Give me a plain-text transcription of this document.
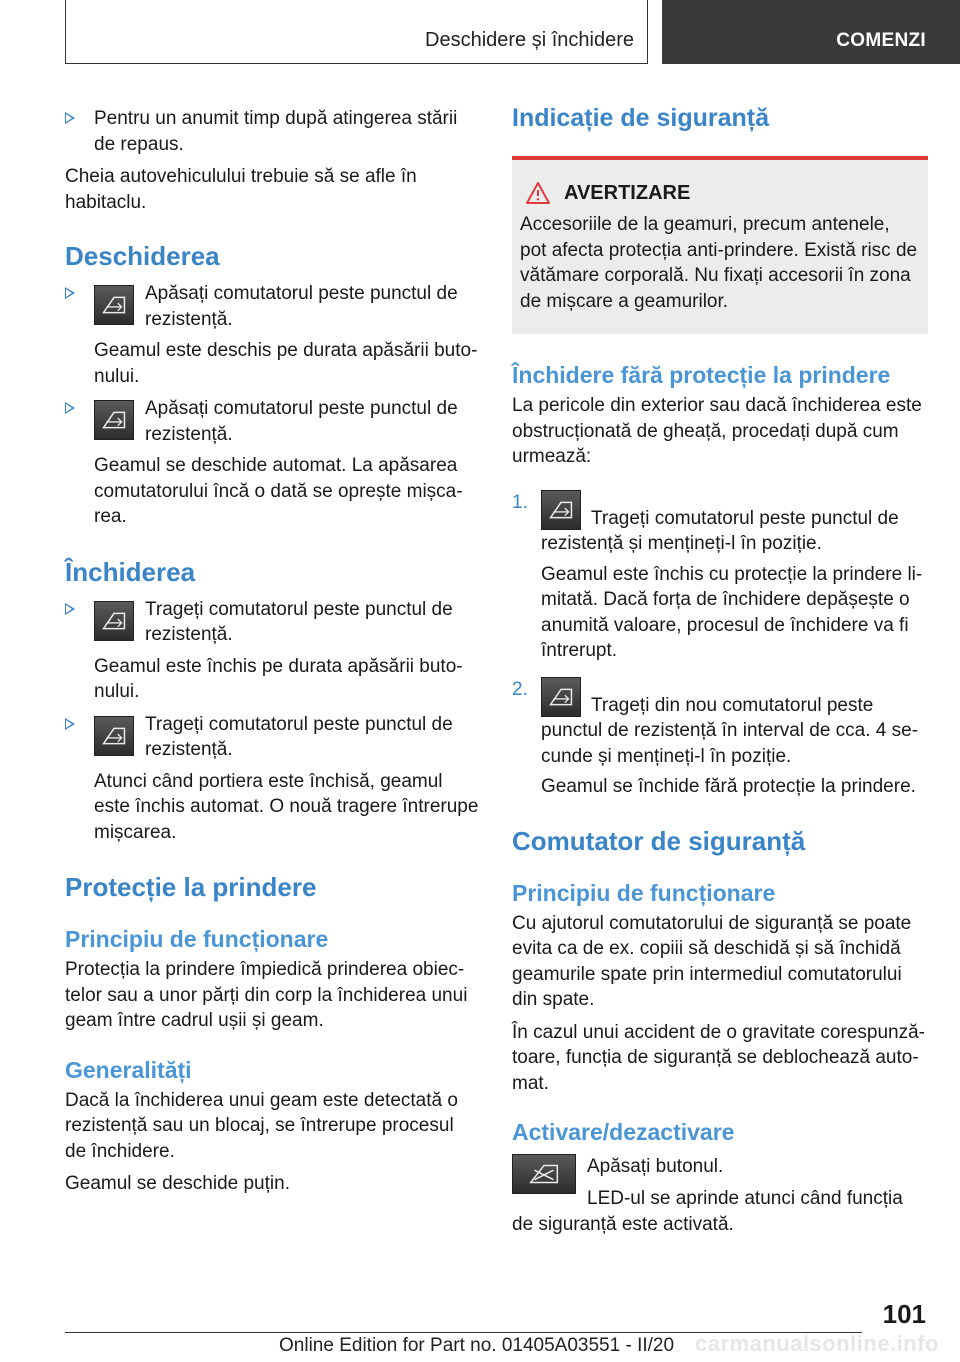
Deschidere și închidere	COMENZI

Pentru un anumit timp după atingerea stării de repaus.

Cheia autovehiculului trebuie să se afle în habitaclu.

Deschiderea

Apăsați comutatorul peste punctul de rezistență.

Geamul este deschis pe durata apăsării butonului.

Apăsați comutatorul peste punctul de rezistență.

Geamul se deschide automat. La apăsarea comutatorului încă o dată se oprește mișcarea.

Închiderea

Trageți comutatorul peste punctul de rezistență.

Geamul este închis pe durata apăsării butonului.

Trageți comutatorul peste punctul de rezistență.

Atunci când portiera este închisă, geamul este închis automat. O nouă tragere întrerupe mișcarea.

Protecție la prindere
Principiu de funcționare

Protecția la prindere împiedică prinderea obiectelor sau a unor părți din corp la închiderea unui geam între cadrul ușii și geam.

Generalități

Dacă la închiderea unui geam este detectată o rezistență sau un blocaj, se întrerupe procesul de închidere.

Geamul se deschide puțin.

Indicație de siguranță
AVERTIZARE

Accesoriile de la geamuri, precum antenele, pot afecta protecția anti-prindere. Există risc de vătămare corporală. Nu fixați accesorii în zona de mișcare a geamurilor.

Închidere fără protecție la prindere

La pericole din exterior sau dacă închiderea este obstrucționată de gheață, procedați după cum urmează:

1.

Trageți comutatorul peste punctul de rezistență și mențineți-l în poziție.

Geamul este închis cu protecție la prindere limitată. Dacă forța de închidere depășește o anumită valoare, procesul de închidere va fi întrerupt.

2.

Trageți din nou comutatorul peste punctul de rezistență în interval de cca. 4 secunde și mențineți-l în poziție.

Geamul se închide fără protecție la prindere.

Comutator de siguranță
Principiu de funcționare

Cu ajutorul comutatorului de siguranță se poate evita ca de ex. copiii să deschidă și să închidă geamurile spate prin intermediul comutatorului din spate.

În cazul unui accident de o gravitate corespunzătoare, funcția de siguranță se deblochează automat.

Activare/dezactivare

Apăsați butonul.

LED-ul se aprinde atunci când funcția de siguranță este activată.

101
Online Edition for Part no. 01405A03551 - II/20 carmanualsonline.info
